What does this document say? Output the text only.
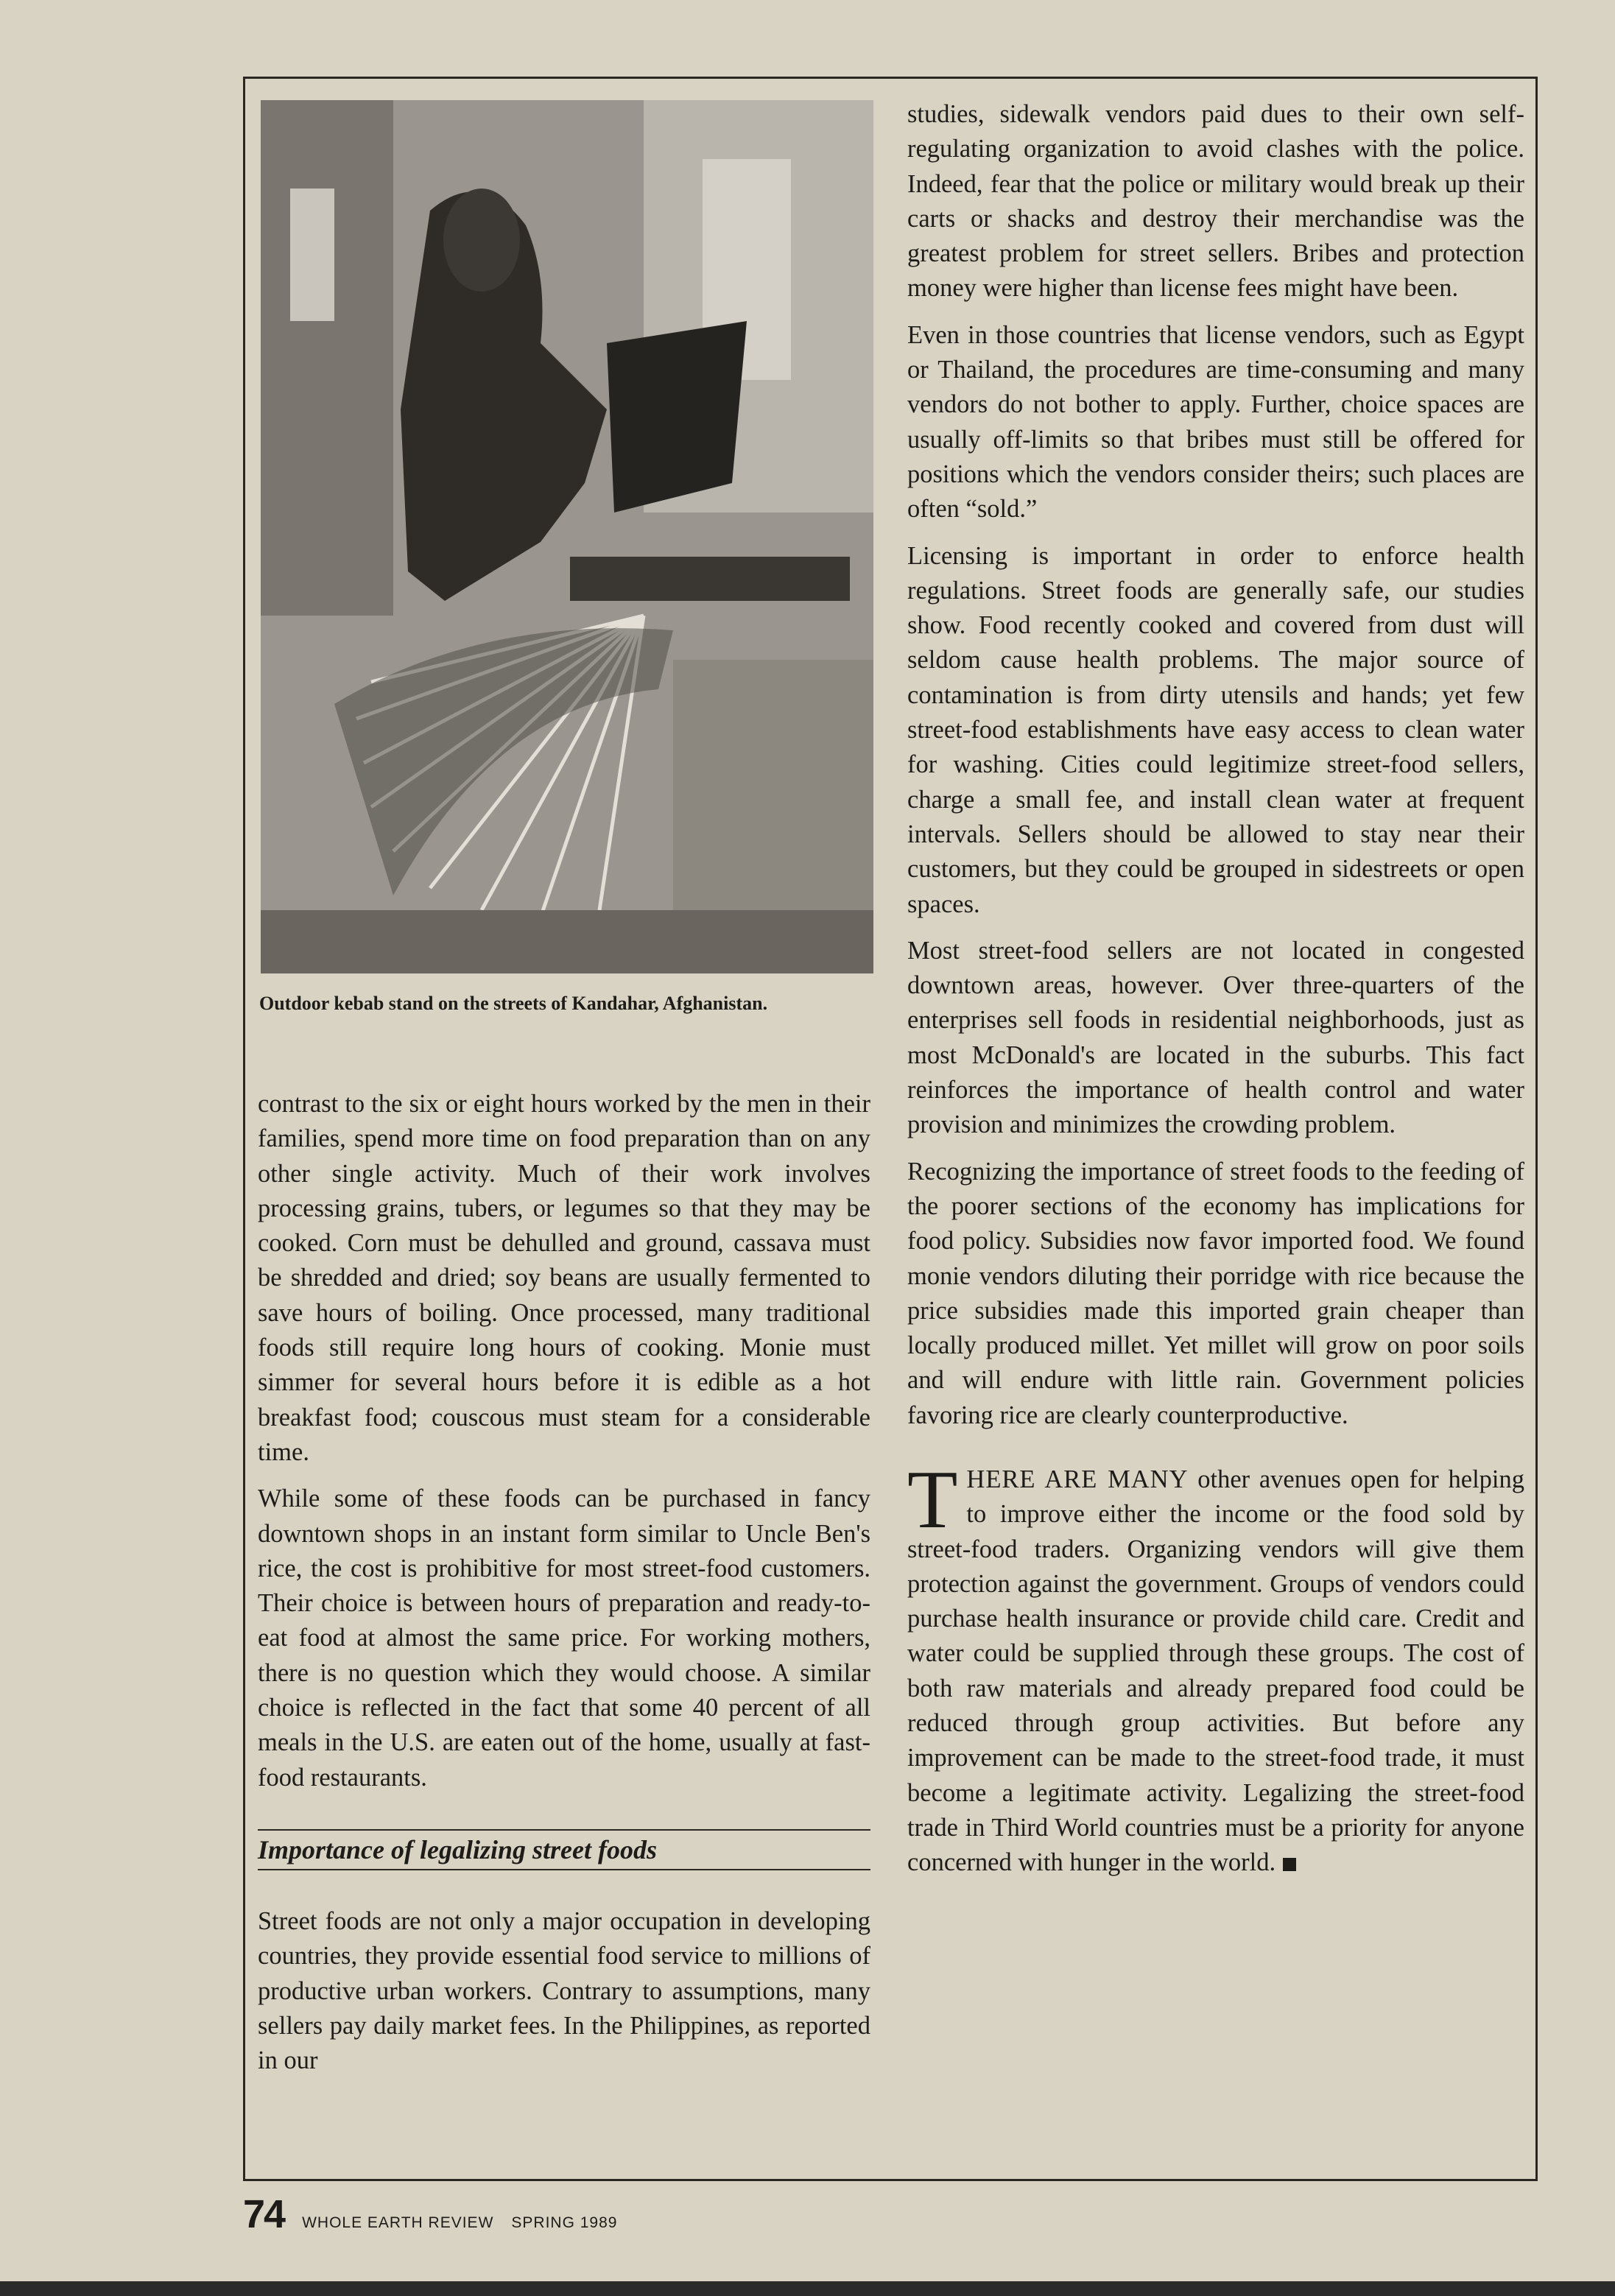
Outdoor kebab stand on the streets of Kandahar, Afghanistan.

contrast to the six or eight hours worked by the men in their families, spend more time on food preparation than on any other single activity. Much of their work involves processing grains, tubers, or legumes so that they may be cooked. Corn must be dehulled and ground, cassava must be shredded and dried; soy beans are usually fermented to save hours of boiling. Once processed, many traditional foods still require long hours of cooking. Monie must simmer for several hours before it is edible as a hot breakfast food; couscous must steam for a considerable time.

While some of these foods can be purchased in fancy downtown shops in an instant form similar to Uncle Ben's rice, the cost is prohibitive for most street-food customers. Their choice is between hours of preparation and ready-to-eat food at almost the same price. For working mothers, there is no question which they would choose. A similar choice is reflected in the fact that some 40 percent of all meals in the U.S. are eaten out of the home, usually at fast-food restaurants.

Importance of legalizing street foods

Street foods are not only a major occupation in developing countries, they provide essential food service to millions of productive urban workers. Contrary to assumptions, many sellers pay daily market fees. In the Philippines, as reported in our

studies, sidewalk vendors paid dues to their own self-regulating organization to avoid clashes with the police. Indeed, fear that the police or military would break up their carts or shacks and destroy their merchandise was the greatest problem for street sellers. Bribes and protection money were higher than license fees might have been.

Even in those countries that license vendors, such as Egypt or Thailand, the procedures are time-consuming and many vendors do not bother to apply. Further, choice spaces are usually off-limits so that bribes must still be offered for positions which the vendors consider theirs; such places are often “sold.”

Licensing is important in order to enforce health regulations. Street foods are generally safe, our studies show. Food recently cooked and covered from dust will seldom cause health problems. The major source of contamination is from dirty utensils and hands; yet few street-food establishments have easy access to clean water for washing. Cities could legitimize street-food sellers, charge a small fee, and install clean water at frequent intervals. Sellers should be allowed to stay near their customers, but they could be grouped in sidestreets or open spaces.

Most street-food sellers are not located in congested downtown areas, however. Over three-quarters of the enterprises sell foods in residential neighborhoods, just as most McDonald's are located in the suburbs. This fact reinforces the importance of health control and water provision and minimizes the crowding problem.

Recognizing the importance of street foods to the feeding of the poorer sections of the economy has implications for food policy. Subsidies now favor imported food. We found monie vendors diluting their porridge with rice because the price subsidies made this imported grain cheaper than locally produced millet. Yet millet will grow on poor soils and will endure with little rain. Government policies favoring rice are clearly counterproductive.

THERE ARE MANY other avenues open for helping to improve either the income or the food sold by street-food traders. Organizing vendors will give them protection against the government. Groups of vendors could purchase health insurance or provide child care. Credit and water could be supplied through these groups. The cost of both raw materials and already prepared food could be reduced through group activities. But before any improvement can be made to the street-food trade, it must become a legitimate activity. Legalizing the street-food trade in Third World countries must be a priority for anyone concerned with hunger in the world.

74 WHOLE EARTH REVIEW SPRING 1989
